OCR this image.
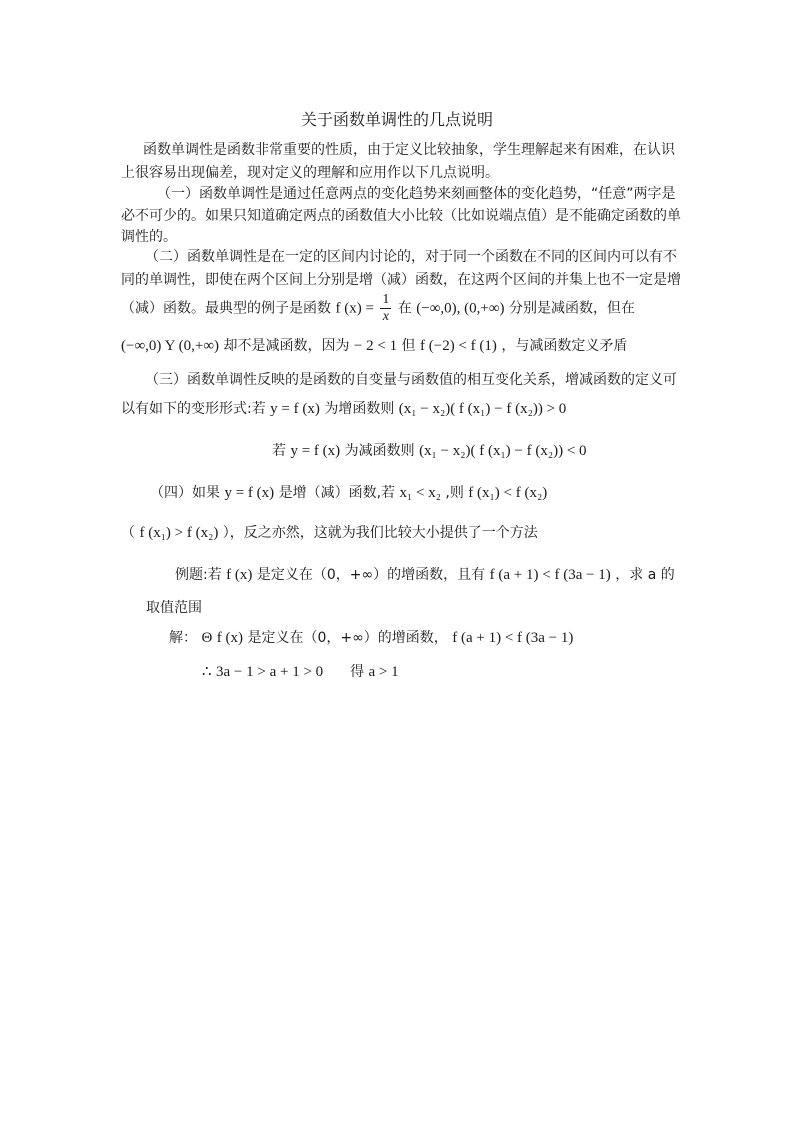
关于函数单调性的几点说明
函数单调性是函数非常重要的性质，由于定义比较抽象，学生理解起来有困难，在认识
上很容易出现偏差，现对定义的理解和应用作以下几点说明。
（一）函数单调性是通过任意两点的变化趋势来刻画整体的变化趋势，“任意”两字是
必不可少的。如果只知道确定两点的函数值大小比较（比如说端点值）是不能确定函数的单
调性的。
（二）函数单调性是在一定的区间内讨论的，对于同一个函数在不同的区间内可以有不
同的单调性，即使在两个区间上分别是增（减）函数，在这两个区间的并集上也不一定是增
（减）函数。最典型的例子是函数 f $(x) = \frac{1}{x}$ 在 (−∞,0), (0,+∞) 分别是减函数，但在
(−∞,0) Y (0,+∞) 却不是减函数，因为 − 2 < 1 但 f (−2) < f (1) ，与减函数定义矛盾
（三）函数单调性反映的是函数的自变量与函数值的相互变化关系，增减函数的定义可
以有如下的变形形式:若 y = f (x) 为增函数则 (x₁ − x₂)( f (x₁) − f (x₂)) > 0
若 y = f (x) 为减函数则 (x₁ − x₂)( f (x₁) − f (x₂)) < 0
（四）如果 y = f (x) 是增（减）函数,若 x₁ < x₂ ,则 f (x₁) < f (x₂)
（ f (x₁) > f (x₂) ），反之亦然，这就为我们比较大小提供了一个方法
例题:若 f (x) 是定义在（0，+∞）的增函数，且有 f (a + 1) < f (3a − 1) ，求 a 的
取值范围
解： Θ f (x) 是定义在（0，+∞）的增函数， f (a + 1) < f (3a − 1)
∴ 3a − 1 > a + 1 > 0 得 a > 1
